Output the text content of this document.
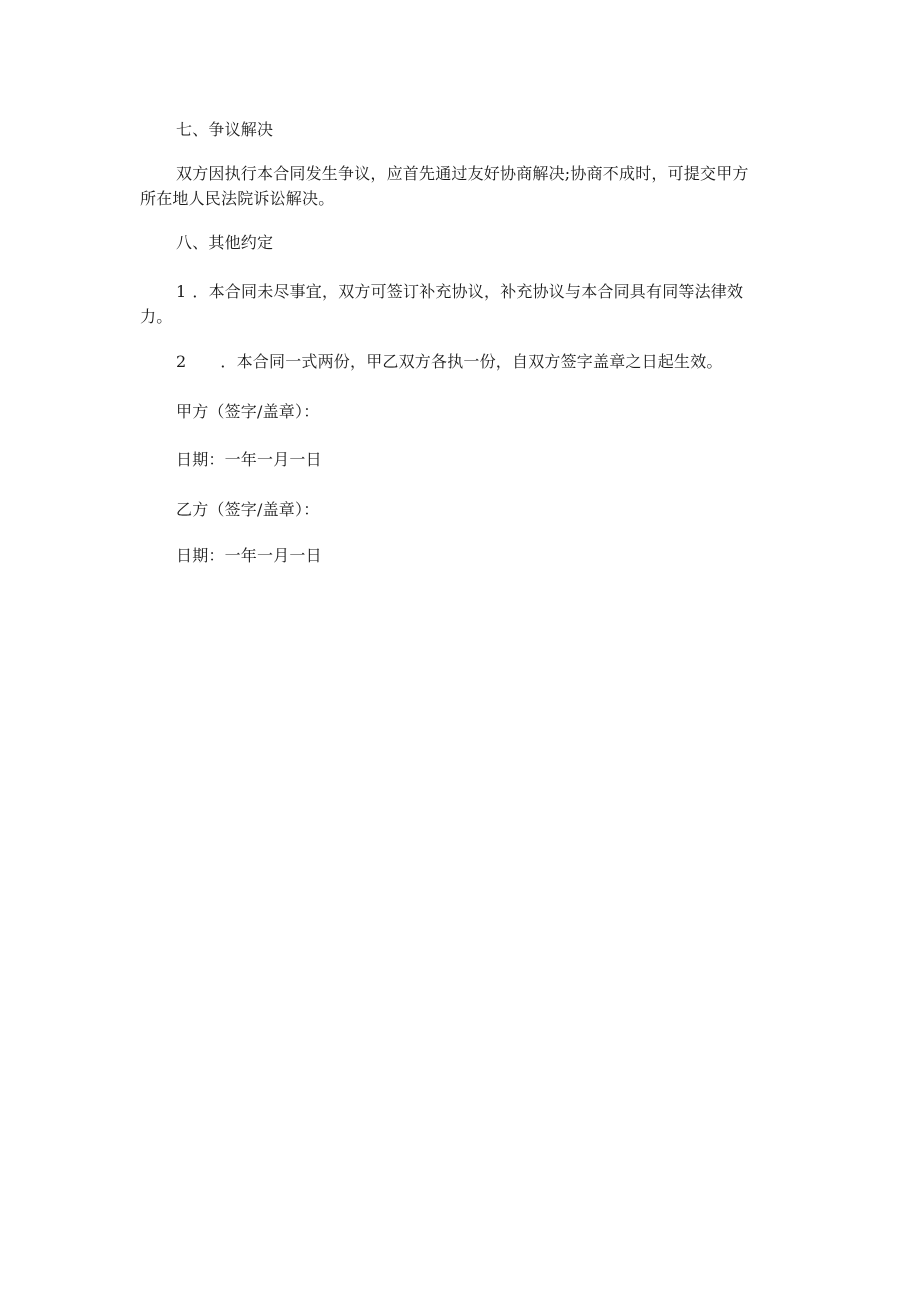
七、争议解决
双方因执行本合同发生争议，应首先通过友好协商解决;协商不成时，可提交甲方
所在地人民法院诉讼解决。
八、其他约定
1 ．本合同未尽事宜，双方可签订补充协议，补充协议与本合同具有同等法律效
力。
2 ．本合同一式两份，甲乙双方各执一份，自双方签字盖章之日起生效。
甲方（签字/盖章）：
日期：一年一月一日
乙方（签字/盖章）：
日期：一年一月一日
